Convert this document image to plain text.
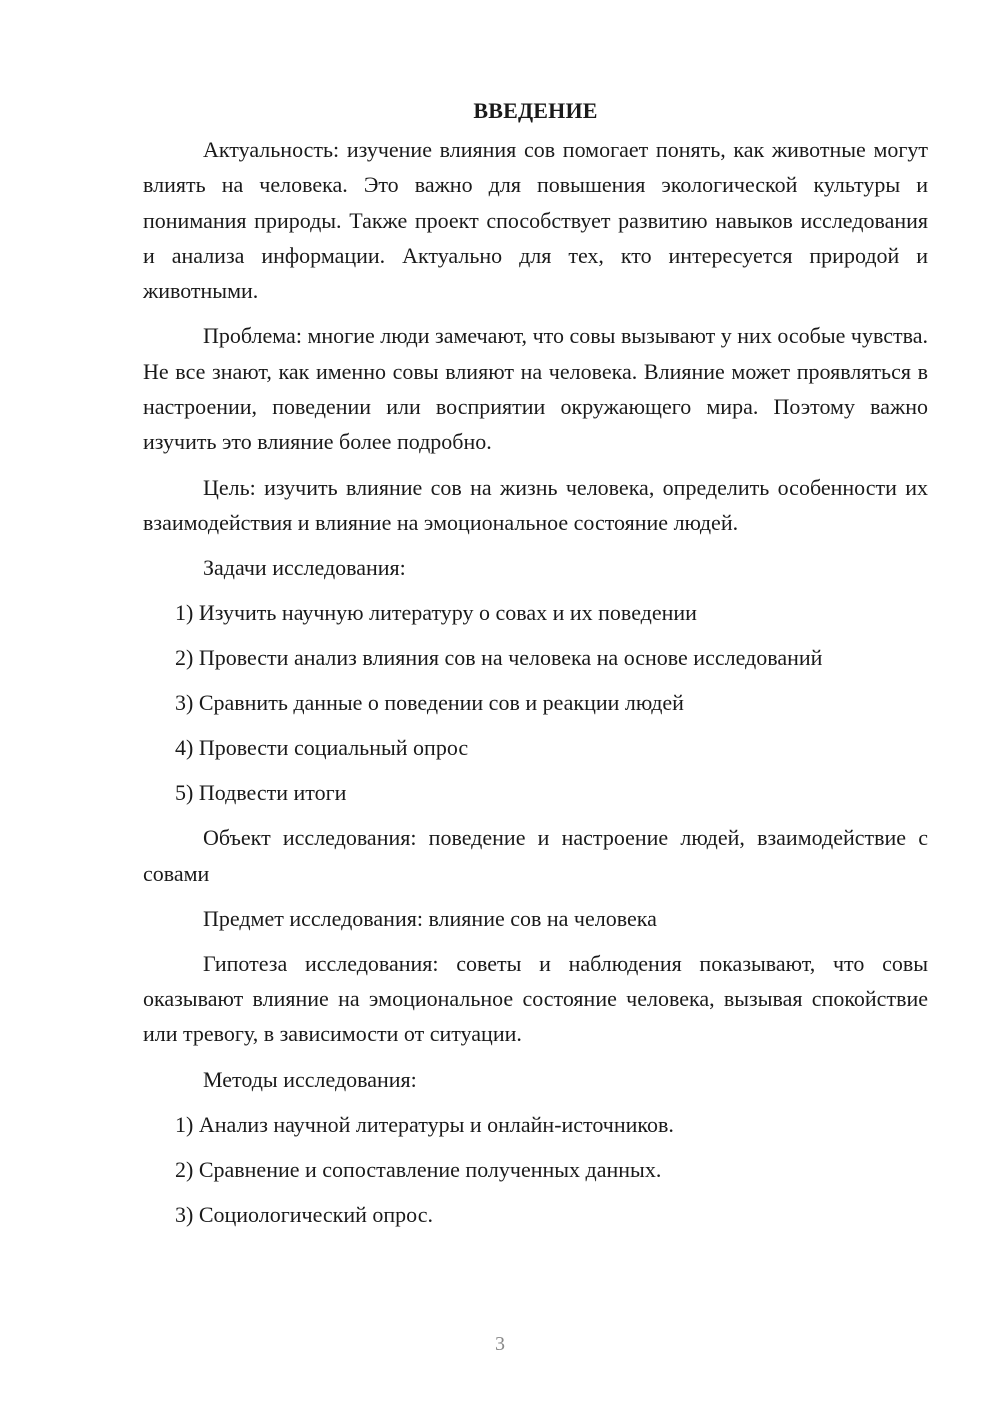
ВВЕДЕНИЕ

Актуальность: изучение влияния сов помогает понять, как животные могут влиять на человека. Это важно для повышения экологической культуры и понимания природы. Также проект способствует развитию навыков исследования и анализа информации. Актуально для тех, кто интересуется природой и животными.

Проблема: многие люди замечают, что совы вызывают у них особые чувства. Не все знают, как именно совы влияют на человека. Влияние может проявляться в настроении, поведении или восприятии окружающего мира. Поэтому важно изучить это влияние более подробно.

Цель: изучить влияние сов на жизнь человека, определить особенности их взаимодействия и влияние на эмоциональное состояние людей.

Задачи исследования:
1) Изучить научную литературу о совах и их поведении
2) Провести анализ влияния сов на человека на основе исследований
3) Сравнить данные о поведении сов и реакции людей
4) Провести социальный опрос
5) Подвести итоги

Объект исследования: поведение и настроение людей, взаимодействие с совами

Предмет исследования: влияние сов на человека

Гипотеза исследования: советы и наблюдения показывают, что совы оказывают влияние на эмоциональное состояние человека, вызывая спокойствие или тревогу, в зависимости от ситуации.

Методы исследования:
1) Анализ научной литературы и онлайн-источников.
2) Сравнение и сопоставление полученных данных.
3) Социологический опрос.
3
